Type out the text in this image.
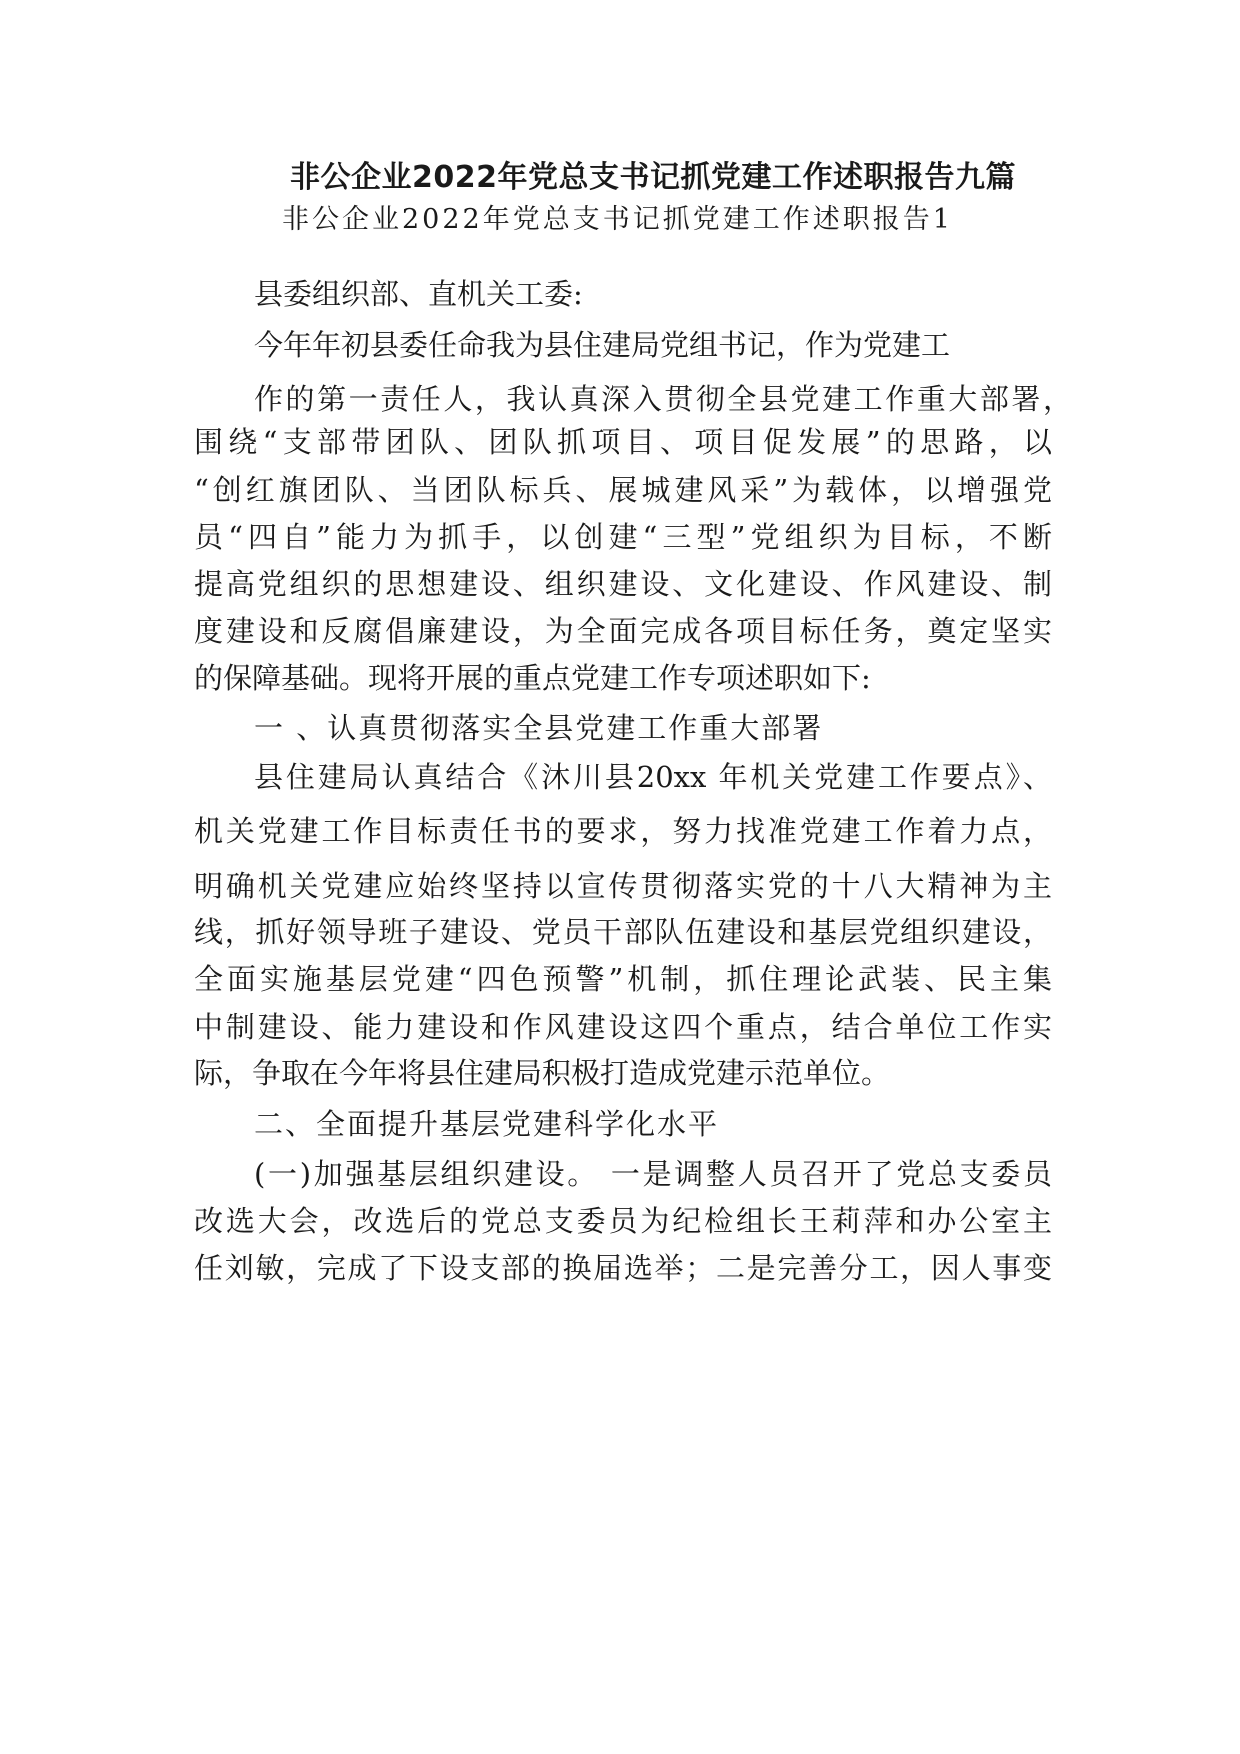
非公企业2022年党总支书记抓党建工作述职报告九篇
非公企业2022年党总支书记抓党建工作述职报告1
县委组织部、直机关工委:
今年年初县委任命我为县住建局党组书记，作为党建工
作的第一责任人，我认真深入贯彻全县党建工作重大部署，
围绕“支部带团队、团队抓项目、项目促发展”的思路，以
“创红旗团队、当团队标兵、展城建风采”为载体，以增强党
员“四自”能力为抓手，以创建“三型”党组织为目标，不断
提高党组织的思想建设、组织建设、文化建设、作风建设、制
度建设和反腐倡廉建设，为全面完成各项目标任务，奠定坚实
的保障基础。现将开展的重点党建工作专项述职如下:
一 、认真贯彻落实全县党建工作重大部署
县住建局认真结合《沐川县20xx 年机关党建工作要点》、
机关党建工作目标责任书的要求，努力找准党建工作着力点，
明确机关党建应始终坚持以宣传贯彻落实党的十八大精神为主
线，抓好领导班子建设、党员干部队伍建设和基层党组织建设，
全面实施基层党建“四色预警”机制，抓住理论武装、民主集
中制建设、能力建设和作风建设这四个重点，结合单位工作实
际，争取在今年将县住建局积极打造成党建示范单位。
二、全面提升基层党建科学化水平
(一)加强基层组织建设。 一是调整人员召开了党总支委员
改选大会，改选后的党总支委员为纪检组长王莉萍和办公室主
任刘敏，完成了下设支部的换届选举；二是完善分工，因人事变
